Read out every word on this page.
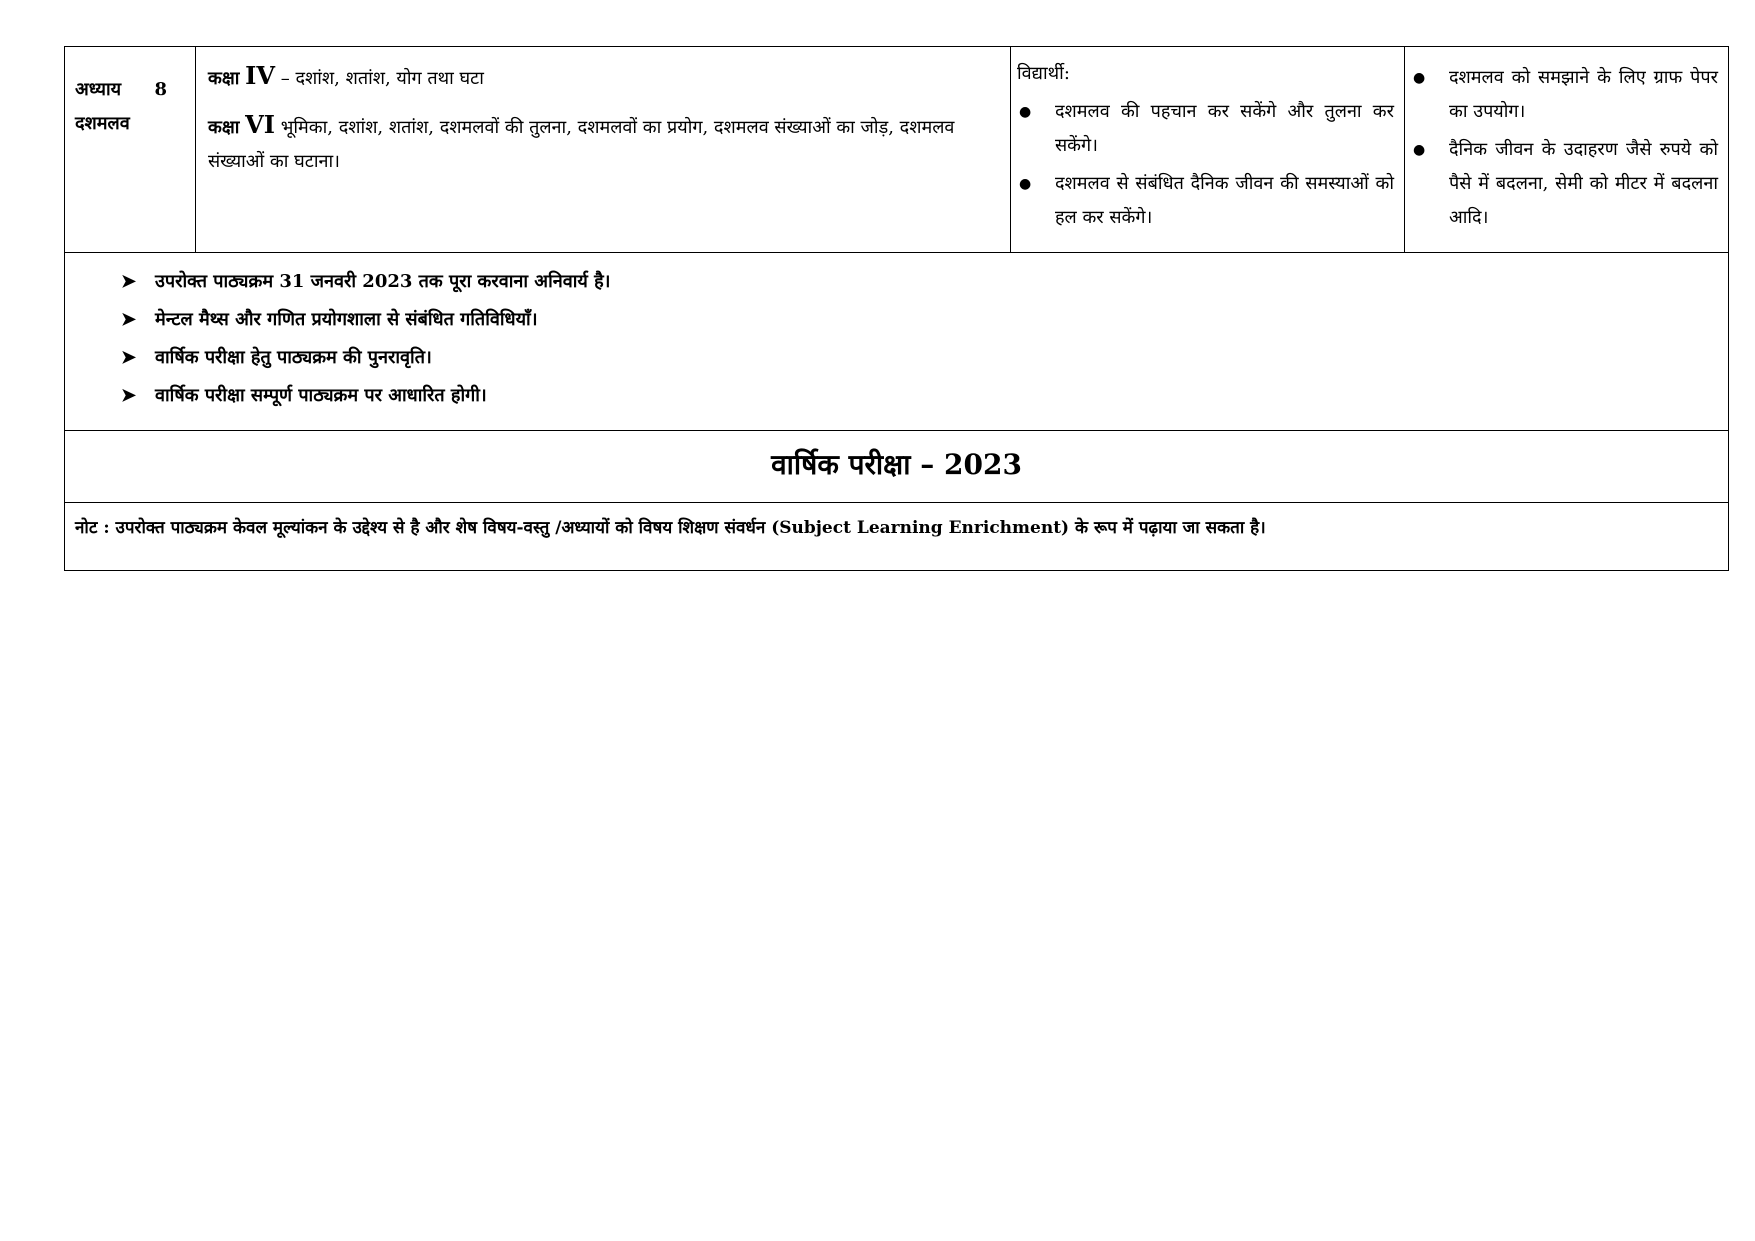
अध्याय 8
दशमलव

कक्षा IV – दशांश, शतांश, योग तथा घटा
कक्षा VI भूमिका, दशांश, शतांश, दशमलवों की तुलना, दशमलवों का प्रयोग, दशमलव संख्याओं का जोड़, दशमलव संख्याओं का घटाना।

विद्यार्थी:
● दशमलव की पहचान कर सकेंगे और तुलना कर सकेंगे।
● दशमलव से संबंधित दैनिक जीवन की समस्याओं को हल कर सकेंगे।

● दशमलव को समझाने के लिए ग्राफ पेपर का उपयोग।
● दैनिक जीवन के उदाहरण जैसे रुपये को पैसे में बदलना, सेमी को मीटर में बदलना आदि।

➤	उपरोक्त पाठ्यक्रम 31 जनवरी 2023 तक पूरा करवाना अनिवार्य है।
➤	मेन्टल मैथ्स और गणित प्रयोगशाला से संबंधित गतिविधियाँ।
➤	वार्षिक परीक्षा हेतु पाठ्यक्रम की पुनरावृति।
➤	वार्षिक परीक्षा सम्पूर्ण पाठ्यक्रम पर आधारित होगी।

वार्षिक परीक्षा – 2023
नोट : उपरोक्त पाठ्यक्रम केवल मूल्यांकन के उद्देश्य से है और शेष विषय-वस्तु /अध्यायों को विषय शिक्षण संवर्धन (Subject Learning Enrichment) के रूप में पढ़ाया जा सकता है।
